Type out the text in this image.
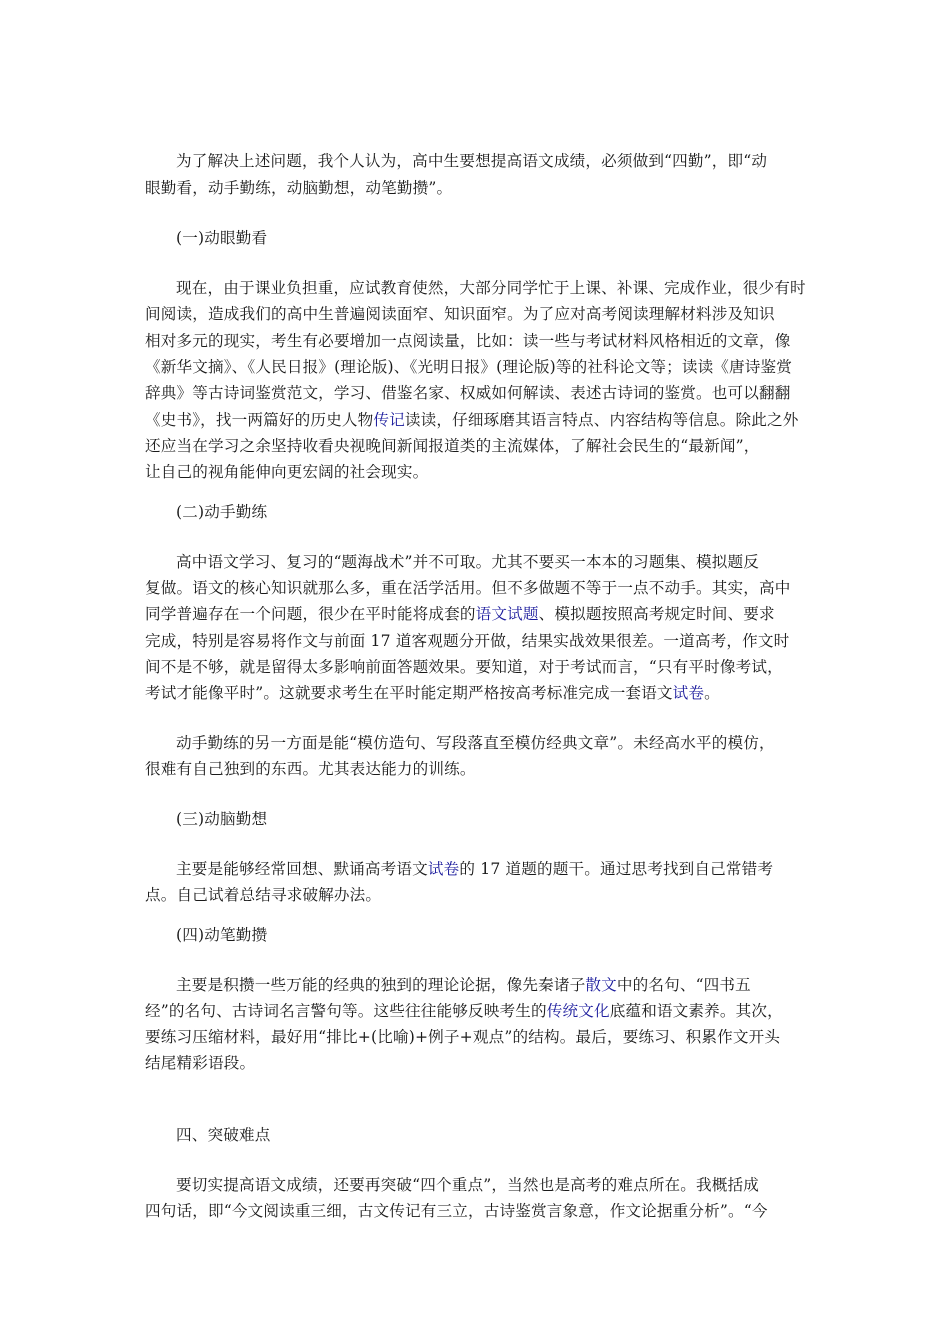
为了解决上述问题，我个人认为，高中生要想提高语文成绩，必须做到“四勤”，即“动
眼勤看，动手勤练，动脑勤想，动笔勤攒”。
(一)动眼勤看
现在，由于课业负担重，应试教育使然，大部分同学忙于上课、补课、完成作业，很少有时
间阅读，造成我们的高中生普遍阅读面窄、知识面窄。为了应对高考阅读理解材料涉及知识
相对多元的现实，考生有必要增加一点阅读量，比如：读一些与考试材料风格相近的文章，像
《新华文摘》、《人民日报》(理论版)、《光明日报》(理论版)等的社科论文等；读读《唐诗鉴赏
辞典》等古诗词鉴赏范文，学习、借鉴名家、权威如何解读、表述古诗词的鉴赏。也可以翻翻
《史书》，找一两篇好的历史人物传记读读，仔细琢磨其语言特点、内容结构等信息。除此之外
还应当在学习之余坚持收看央视晚间新闻报道类的主流媒体，了解社会民生的“最新闻”，
让自己的视角能伸向更宏阔的社会现实。
(二)动手勤练
高中语文学习、复习的“题海战术”并不可取。尤其不要买一本本的习题集、模拟题反
复做。语文的核心知识就那么多，重在活学活用。但不多做题不等于一点不动手。其实，高中
同学普遍存在一个问题，很少在平时能将成套的语文试题、模拟题按照高考规定时间、要求
完成，特别是容易将作文与前面 17 道客观题分开做，结果实战效果很差。一道高考，作文时
间不是不够，就是留得太多影响前面答题效果。要知道，对于考试而言，“只有平时像考试，
考试才能像平时”。这就要求考生在平时能定期严格按高考标准完成一套语文试卷。
动手勤练的另一方面是能“模仿造句、写段落直至模仿经典文章”。未经高水平的模仿，
很难有自己独到的东西。尤其表达能力的训练。
(三)动脑勤想
主要是能够经常回想、默诵高考语文试卷的 17 道题的题干。通过思考找到自己常错考
点。自己试着总结寻求破解办法。
(四)动笔勤攒
主要是积攒一些万能的经典的独到的理论论据，像先秦诸子散文中的名句、“四书五
经”的名句、古诗词名言警句等。这些往往能够反映考生的传统文化底蕴和语文素养。其次，
要练习压缩材料，最好用“排比+(比喻)+例子+观点”的结构。最后，要练习、积累作文开头
结尾精彩语段。
四、突破难点
要切实提高语文成绩，还要再突破“四个重点”，当然也是高考的难点所在。我概括成
四句话，即“今文阅读重三细，古文传记有三立，古诗鉴赏言象意，作文论据重分析”。“今
